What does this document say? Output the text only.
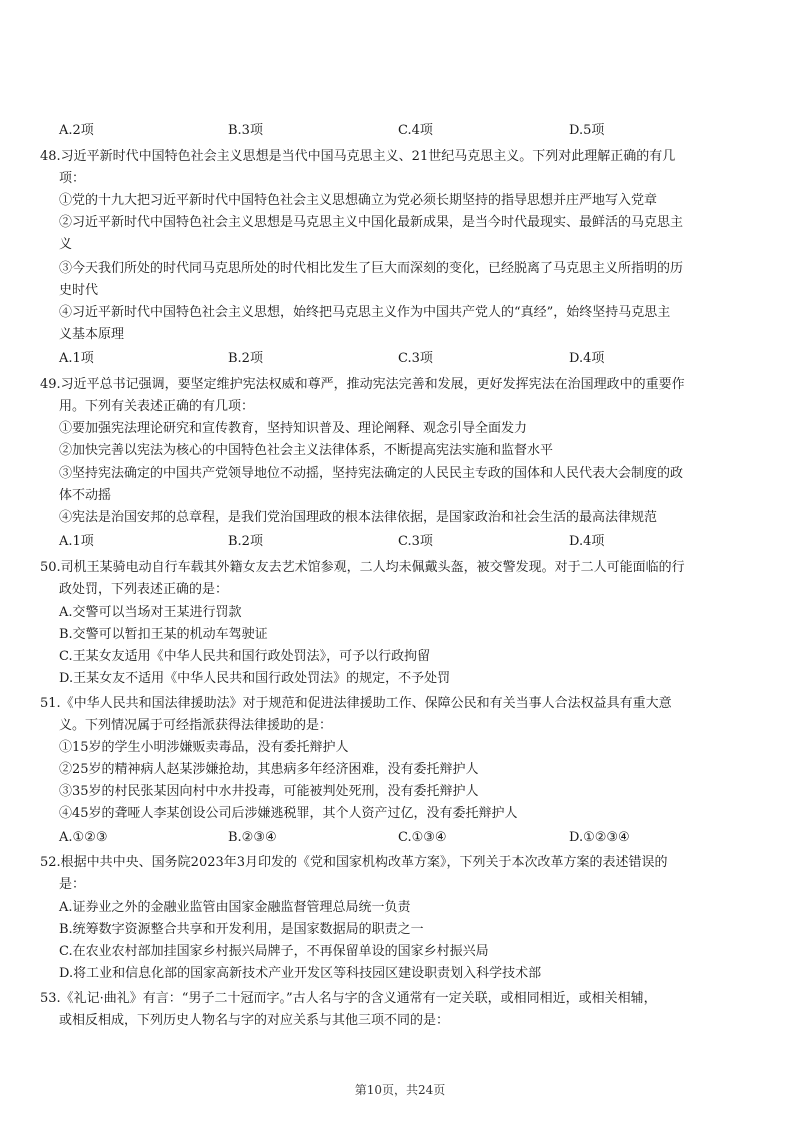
A.2项	B.3项	C.4项	D.5项
48.习近平新时代中国特色社会主义思想是当代中国马克思主义、21世纪马克思主义。下列对此理解正确的有几
项：
①党的十九大把习近平新时代中国特色社会主义思想确立为党必须长期坚持的指导思想并庄严地写入党章
②习近平新时代中国特色社会主义思想是马克思主义中国化最新成果，是当今时代最现实、最鲜活的马克思主
义
③今天我们所处的时代同马克思所处的时代相比发生了巨大而深刻的变化，已经脱离了马克思主义所指明的历
史时代
④习近平新时代中国特色社会主义思想，始终把马克思主义作为中国共产党人的“真经”，始终坚持马克思主
义基本原理
A.1项	B.2项	C.3项	D.4项
49.习近平总书记强调，要坚定维护宪法权威和尊严，推动宪法完善和发展，更好发挥宪法在治国理政中的重要作
用。下列有关表述正确的有几项：
①要加强宪法理论研究和宣传教育，坚持知识普及、理论阐释、观念引导全面发力
②加快完善以宪法为核心的中国特色社会主义法律体系，不断提高宪法实施和监督水平
③坚持宪法确定的中国共产党领导地位不动摇，坚持宪法确定的人民民主专政的国体和人民代表大会制度的政
体不动摇
④宪法是治国安邦的总章程，是我们党治国理政的根本法律依据，是国家政治和社会生活的最高法律规范
A.1项	B.2项	C.3项	D.4项
50.司机王某骑电动自行车载其外籍女友去艺术馆参观，二人均未佩戴头盔，被交警发现。对于二人可能面临的行
政处罚，下列表述正确的是：
A.交警可以当场对王某进行罚款
B.交警可以暂扣王某的机动车驾驶证
C.王某女友适用《中华人民共和国行政处罚法》，可予以行政拘留
D.王某女友不适用《中华人民共和国行政处罚法》的规定，不予处罚
51.《中华人民共和国法律援助法》对于规范和促进法律援助工作、保障公民和有关当事人合法权益具有重大意
义。下列情况属于可经指派获得法律援助的是：
①15岁的学生小明涉嫌贩卖毒品，没有委托辩护人
②25岁的精神病人赵某涉嫌抢劫，其患病多年经济困难，没有委托辩护人
③35岁的村民张某因向村中水井投毒，可能被判处死刑，没有委托辩护人
④45岁的聋哑人李某创设公司后涉嫌逃税罪，其个人资产过亿，没有委托辩护人
A.①②③	B.②③④	C.①③④	D.①②③④
52.根据中共中央、国务院2023年3月印发的《党和国家机构改革方案》，下列关于本次改革方案的表述错误的
是：
A.证券业之外的金融业监管由国家金融监督管理总局统一负责
B.统筹数字资源整合共享和开发利用，是国家数据局的职责之一
C.在农业农村部加挂国家乡村振兴局牌子，不再保留单设的国家乡村振兴局
D.将工业和信息化部的国家高新技术产业开发区等科技园区建设职责划入科学技术部
53.《礼记·曲礼》有言：“男子二十冠而字。”古人名与字的含义通常有一定关联，或相同相近，或相关相辅，
或相反相成，下列历史人物名与字的对应关系与其他三项不同的是：
第10页，共24页
